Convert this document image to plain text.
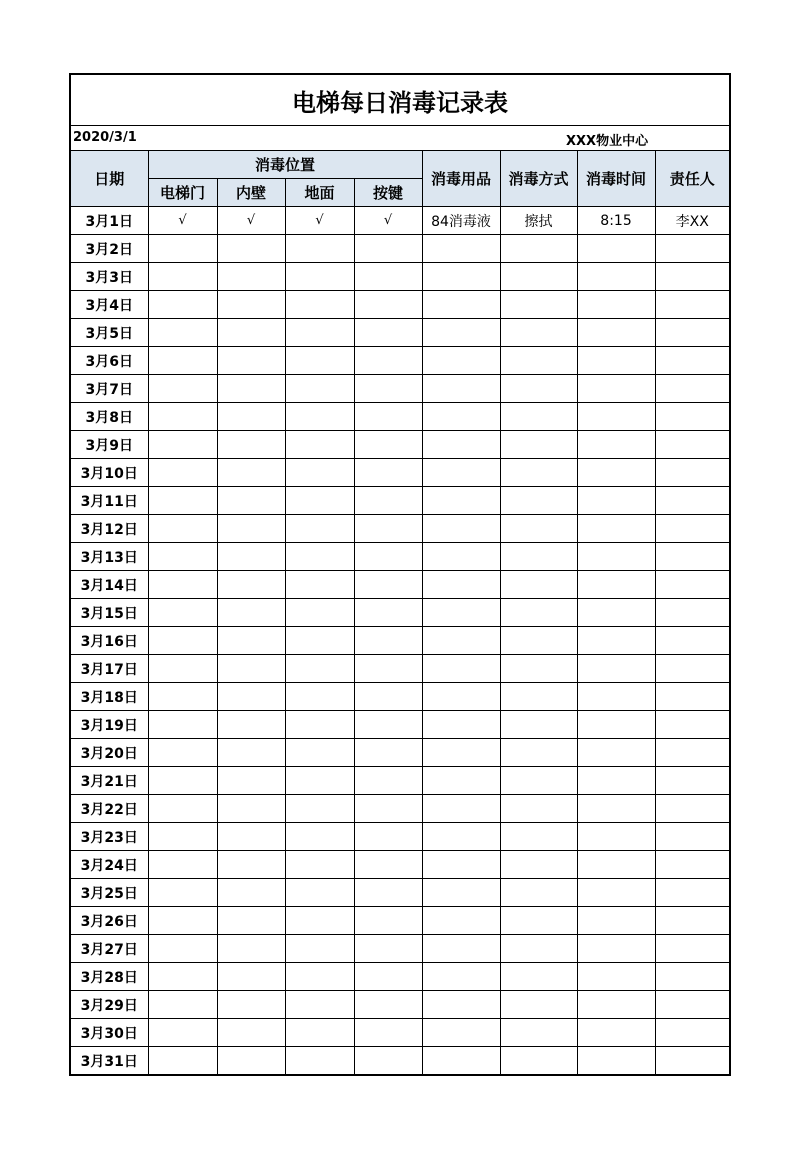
电梯每日消毒记录表
2020/3/1	XXX物业中心
日期	消毒位置				消毒用品	消毒方式	消毒时间	责任人
	电梯门	内壁	地面	按键				
3月1日	√	√	√	√	84消毒液	擦拭	8:15	李XX
3月2日								
3月3日								
3月4日								
3月5日								
3月6日								
3月7日								
3月8日								
3月9日								
3月10日								
3月11日								
3月12日								
3月13日								
3月14日								
3月15日								
3月16日								
3月17日								
3月18日								
3月19日								
3月20日								
3月21日								
3月22日								
3月23日								
3月24日								
3月25日								
3月26日								
3月27日								
3月28日								
3月29日								
3月30日								
3月31日								
